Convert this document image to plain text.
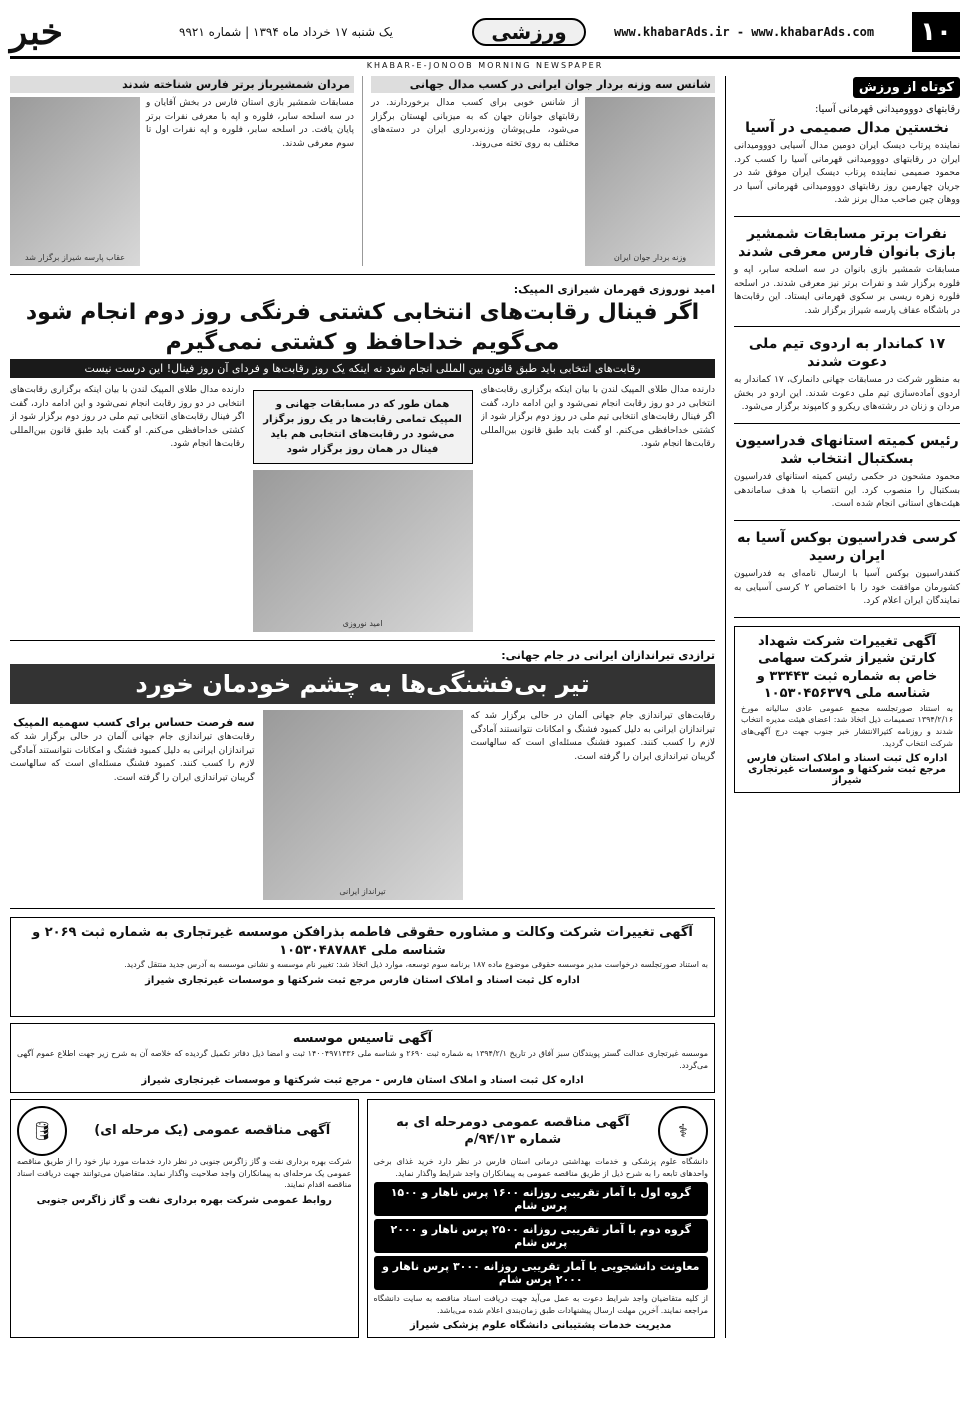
۱۰
www.khabarAds.ir - www.khabarAds.com
ورزشی
یک شنبه ۱۷ خرداد ماه ۱۳۹۴ | شماره ۹۹۲۱
خبر
KHABAR-E-JONOOB MORNING NEWSPAPER
کوتاه از ورزش
رقابتهای دووومیدانی قهرمانی آسیا:
نخستین مدال صمیمی در آسیا
نماینده پرتاب دیسک ایران دومین مدال آسیایی دووومیدانی ایران در رقابتهای دووومیدانی قهرمانی آسیا را کسب کرد. محمود صمیمی نماینده پرتاب دیسک ایران موفق شد در جریان چهارمین روز رقابتهای دووومیدانی قهرمانی آسیا در ووهان چین صاحب مدال برنز شد.
نفرات برتر مسابقات شمشیر بازی بانوان فارس معرفی شدند
مسابقات شمشیر بازی بانوان در سه اسلحه سابر، اپه و فلوره برگزار شد و نفرات برتر نیز معرفی شدند. در اسلحه فلوره زهره ریسی بر سکوی قهرمانی ایستاد. این رقابت‌ها در باشگاه عفاف پارسه شیراز برگزار شد.
۱۷ کماندار به اردوی تیم ملی دعوت شدند
به منظور شرکت در مسابقات جهانی دانمارک، ۱۷ کماندار به اردوی آماده‌سازی تیم ملی دعوت شدند. این اردو در بخش مردان و زنان در رشته‌های ریکرو و کامپوند برگزار می‌شود.
رئیس کمیته استانهای فدراسیون بسکتبال انتخاب شد
محمود مشحون در حکمی رئیس کمیته استانهای فدراسیون بسکتبال را منصوب کرد. این انتصاب با هدف ساماندهی هیئت‌های استانی انجام شده است.
کرسی فدراسیون بوکس آسیا به ایران رسید
کنفدراسیون بوکس آسیا با ارسال نامه‌ای به فدراسیون کشورمان موافقت خود را با اختصاص ۲ کرسی آسیایی به نمایندگان ایران اعلام کرد.
آگهی تغییرات شرکت شهداد کارتن شیراز شرکت سهامی خاص به شماره ثبت ۳۳۴۴۳ و شناسه ملی ۱۰۵۳۰۴۵۶۳۷۹
به استناد صورتجلسه مجمع عمومی عادی سالیانه مورخ ۱۳۹۴/۲/۱۶ تصمیمات ذیل اتخاذ شد: اعضای هیئت مدیره انتخاب شدند و روزنامه کثیرالانتشار خبر جنوب جهت درج آگهی‌های شرکت انتخاب گردید.
اداره کل ثبت اسناد و املاک استان فارس مرجع ثبت شرکتها و موسسات غیرتجاری شیراز
شانس سه وزنه بردار جوان ایرانی در کسب مدال جهانی
وزنه بردار جوان ایران
از شانس خوبی برای کسب مدال برخوردارند. در رقابتهای جوانان جهان که به میزبانی لهستان برگزار می‌شود، ملی‌پوشان وزنه‌برداری ایران در دسته‌های مختلف به روی تخته می‌روند.
مردان شمشیرباز برتر فارس شناخته شدند
مسابقات شمشیر بازی استان فارس در بخش آقایان و در سه اسلحه سابر، فلوره و اپه با معرفی نفرات برتر پایان یافت. در اسلحه سابر، فلوره و اپه نفرات اول تا سوم معرفی شدند.
عقاب پارسه شیراز برگزار شد
امید نوروزی قهرمان شیرازی المپیک:
اگر فینال رقابت‌های انتخابی کشتی فرنگی روز دوم انجام شود می‌گویم خداحافظ و کشتی نمی‌گیرم
رقابت‌های انتخابی باید طبق قانون بین المللی انجام شود نه اینکه یک روز رقابت‌ها و فردای آن روز فینال! این درست نیست
دارنده مدال طلای المپیک لندن با بیان اینکه برگزاری رقابت‌های انتخابی در دو روز رقابت انجام نمی‌شود و این ادامه دارد، گفت اگر فینال رقابت‌های انتخابی تیم ملی در روز دوم برگزار شود از کشتی خداحافظی می‌کنم. او گفت باید طبق قانون بین‌المللی رقابت‌ها انجام شود.
همان طور که در مسابقات جهانی و المپیک تمامی رقابت‌ها در یک روز برگزار می‌شود در رقابت‌های انتخابی هم باید فینال در همان روز برگزار شود
امید نوروزی
دارنده مدال طلای المپیک لندن با بیان اینکه برگزاری رقابت‌های انتخابی در دو روز رقابت انجام نمی‌شود و این ادامه دارد، گفت اگر فینال رقابت‌های انتخابی تیم ملی در روز دوم برگزار شود از کشتی خداحافظی می‌کنم. او گفت باید طبق قانون بین‌المللی رقابت‌ها انجام شود.
ترازدی تیراندازان ایرانی در جام جهانی:
تیر بی‌فشنگی‌ها به چشم خودمان خورد
رقابت‌های تیراندازی جام جهانی آلمان در حالی برگزار شد که تیراندازان ایرانی به دلیل کمبود فشنگ و امکانات نتوانستند آمادگی لازم را کسب کنند. کمبود فشنگ مسئله‌ای است که سالهاست گریبان تیراندازی ایران را گرفته است.
تیرانداز ایرانی
سه فرصت حساس برای کسب سهمیه المپیک
رقابت‌های تیراندازی جام جهانی آلمان در حالی برگزار شد که تیراندازان ایرانی به دلیل کمبود فشنگ و امکانات نتوانستند آمادگی لازم را کسب کنند. کمبود فشنگ مسئله‌ای است که سالهاست گریبان تیراندازی ایران را گرفته است.
آگهی تغییرات شرکت وکالت و مشاوره حقوقی فاطمه بذرافکن موسسه غیرتجاری به شماره ثبت ۲۰۶۹ و شناسه ملی ۱۰۵۳۰۴۸۷۸۸۴
به استناد صورتجلسه درخواست مدیر موسسه حقوقی موضوع ماده ۱۸۷ برنامه سوم توسعه، موارد ذیل اتخاذ شد: تغییر نام موسسه و نشانی موسسه به آدرس جدید منتقل گردید.
اداره کل ثبت اسناد و املاک استان فارس مرجع ثبت شرکتها و موسسات غیرتجاری شیراز
آگهی تاسیس موسسه
موسسه غیرتجاری عدالت گستر پویندگان سبز آفاق در تاریخ ۱۳۹۴/۲/۱ به شماره ثبت ۲۶۹۰ و شناسه ملی ۱۴۰۰۴۹۷۱۴۳۶ ثبت و امضا ذیل دفاتر تکمیل گردیده که خلاصه آن به شرح زیر جهت اطلاع عموم آگهی می‌گردد.
اداره کل ثبت اسناد و املاک استان فارس - مرجع ثبت شرکتها و موسسات غیرتجاری شیراز
⚕
آگهی مناقصه عمومی دومرحله ای به شماره ۹۴/۱۳/م
دانشگاه علوم پزشکی و خدمات بهداشتی درمانی استان فارس در نظر دارد خرید غذای برخی واحدهای تابعه را به شرح ذیل از طریق مناقصه عمومی به پیمانکاران واجد شرایط واگذار نماید.
گروه اول با آمار تقریبی روزانه ۱۶۰۰ پرس ناهار و ۱۵۰۰ پرس شام
گروه دوم با آمار تقریبی روزانه ۲۵۰۰ پرس ناهار و ۲۰۰۰ پرس شام
معاونت دانشجویی با آمار تقریبی روزانه ۳۰۰۰ پرس ناهار و ۲۰۰۰ پرس شام
از کلیه متقاضیان واجد شرایط دعوت به عمل می‌آید جهت دریافت اسناد مناقصه به سایت دانشگاه مراجعه نمایند. آخرین مهلت ارسال پیشنهادات طبق زمان‌بندی اعلام شده می‌باشد.
مدیریت خدمات پشتیبانی دانشگاه علوم پزشکی شیراز
آگهی مناقصه عمومی (یک مرحله ای)
🛢
شرکت بهره برداری نفت و گاز زاگرس جنوبی در نظر دارد خدمات مورد نیاز خود را از طریق مناقصه عمومی یک مرحله‌ای به پیمانکاران واجد صلاحیت واگذار نماید. متقاضیان می‌توانند جهت دریافت اسناد مناقصه اقدام نمایند.
روابط عمومی شرکت بهره برداری نفت و گاز زاگرس جنوبی
